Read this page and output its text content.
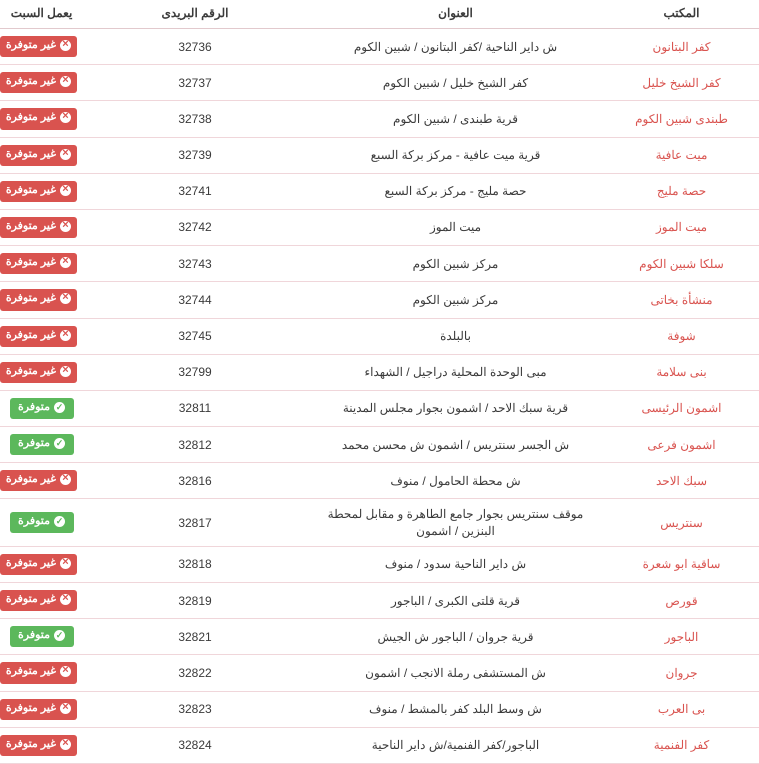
المكتب	العنوان	الرقم البريدى	يعمل السبت
كفر البتانون	ش داير الناحية /كفر البتانون / شبين الكوم	32736	×غير متوفرة
كفر الشيخ خليل	كفر الشيخ خليل / شبين الكوم	32737	×غير متوفرة
طبندى شبين الكوم	قرية طبندى / شبين الكوم	32738	×غير متوفرة
ميت عافية	قرية ميت عافية - مركز بركة السبع	32739	×غير متوفرة
حصة مليج	حصة مليج - مركز بركة السبع	32741	×غير متوفرة
ميت الموز	ميت الموز	32742	×غير متوفرة
سلكا شبين الكوم	مركز شبين الكوم	32743	×غير متوفرة
منشأة بخاتى	مركز شبين الكوم	32744	×غير متوفرة
شوفة	بالبلدة	32745	×غير متوفرة
بنى سلامة	مبى الوحدة المحلية دراجيل / الشهداء	32799	×غير متوفرة
اشمون الرئيسى	قرية سبك الاحد / اشمون بجوار مجلس المدينة	32811	✓متوفرة
اشمون فرعى	ش الجسر سنتريس / اشمون ش محسن محمد	32812	✓متوفرة
سبك الاحد	ش محطة الحامول / منوف	32816	×غير متوفرة
سنتريس	موقف سنتريس بجوار جامع الطاهرة و مقابل لمحطة البنزين / اشمون	32817	✓متوفرة
ساقية ابو شعرة	ش داير الناحية سدود / منوف	32818	×غير متوفرة
قورص	قرية قلتى الكبرى / الباجور	32819	×غير متوفرة
الباجور	قرية جروان / الباجور ش الجيش	32821	✓متوفرة
جروان	ش المستشفى رملة الانجب / اشمون	32822	×غير متوفرة
بى العرب	ش وسط البلد كفر بالمشط / منوف	32823	×غير متوفرة
كفر الفنمية	الباجور/كفر الفنمية/ش داير الناحية	32824	×غير متوفرة
